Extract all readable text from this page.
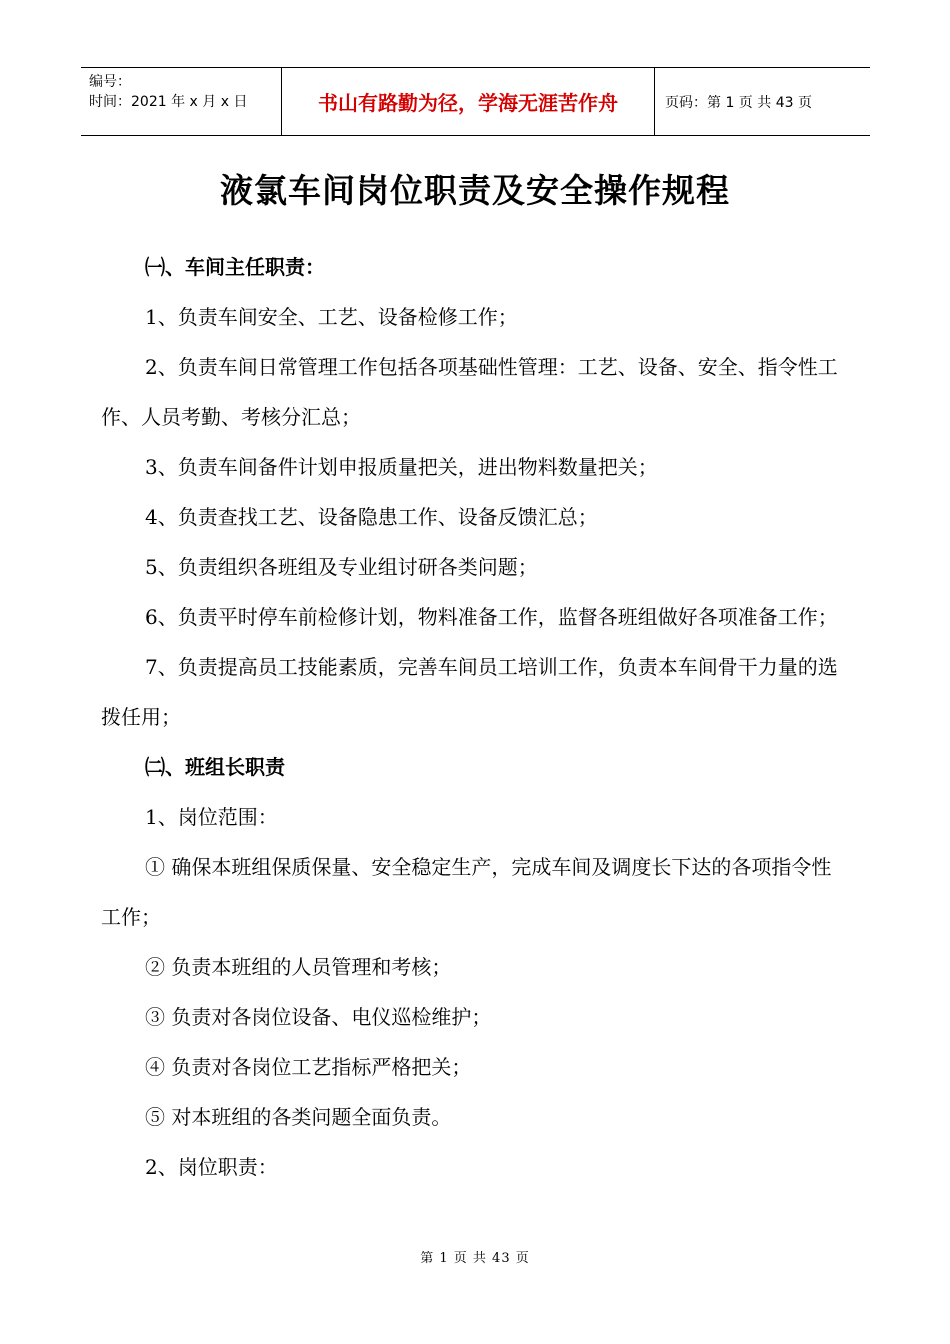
编号：
时间：2021 年 x 月 x 日	书山有路勤为径，学海无涯苦作舟	页码：第 1 页 共 43 页
液氯车间岗位职责及安全操作规程

㈠、车间主任职责：

1、负责车间安全、工艺、设备检修工作；

2、负责车间日常管理工作包括各项基础性管理：工艺、设备、安全、指令性工作、人员考勤、考核分汇总；

3、负责车间备件计划申报质量把关，进出物料数量把关；

4、负责查找工艺、设备隐患工作、设备反馈汇总；

5、负责组织各班组及专业组讨研各类问题；

6、负责平时停车前检修计划，物料准备工作，监督各班组做好各项准备工作；

7、负责提高员工技能素质，完善车间员工培训工作，负责本车间骨干力量的选拨任用；

㈡、班组长职责

1、岗位范围：

① 确保本班组保质保量、安全稳定生产，完成车间及调度长下达的各项指令性工作；

② 负责本班组的人员管理和考核；

③ 负责对各岗位设备、电仪巡检维护；

④ 负责对各岗位工艺指标严格把关；

⑤ 对本班组的各类问题全面负责。

2、岗位职责：

第 1 页 共 43 页
